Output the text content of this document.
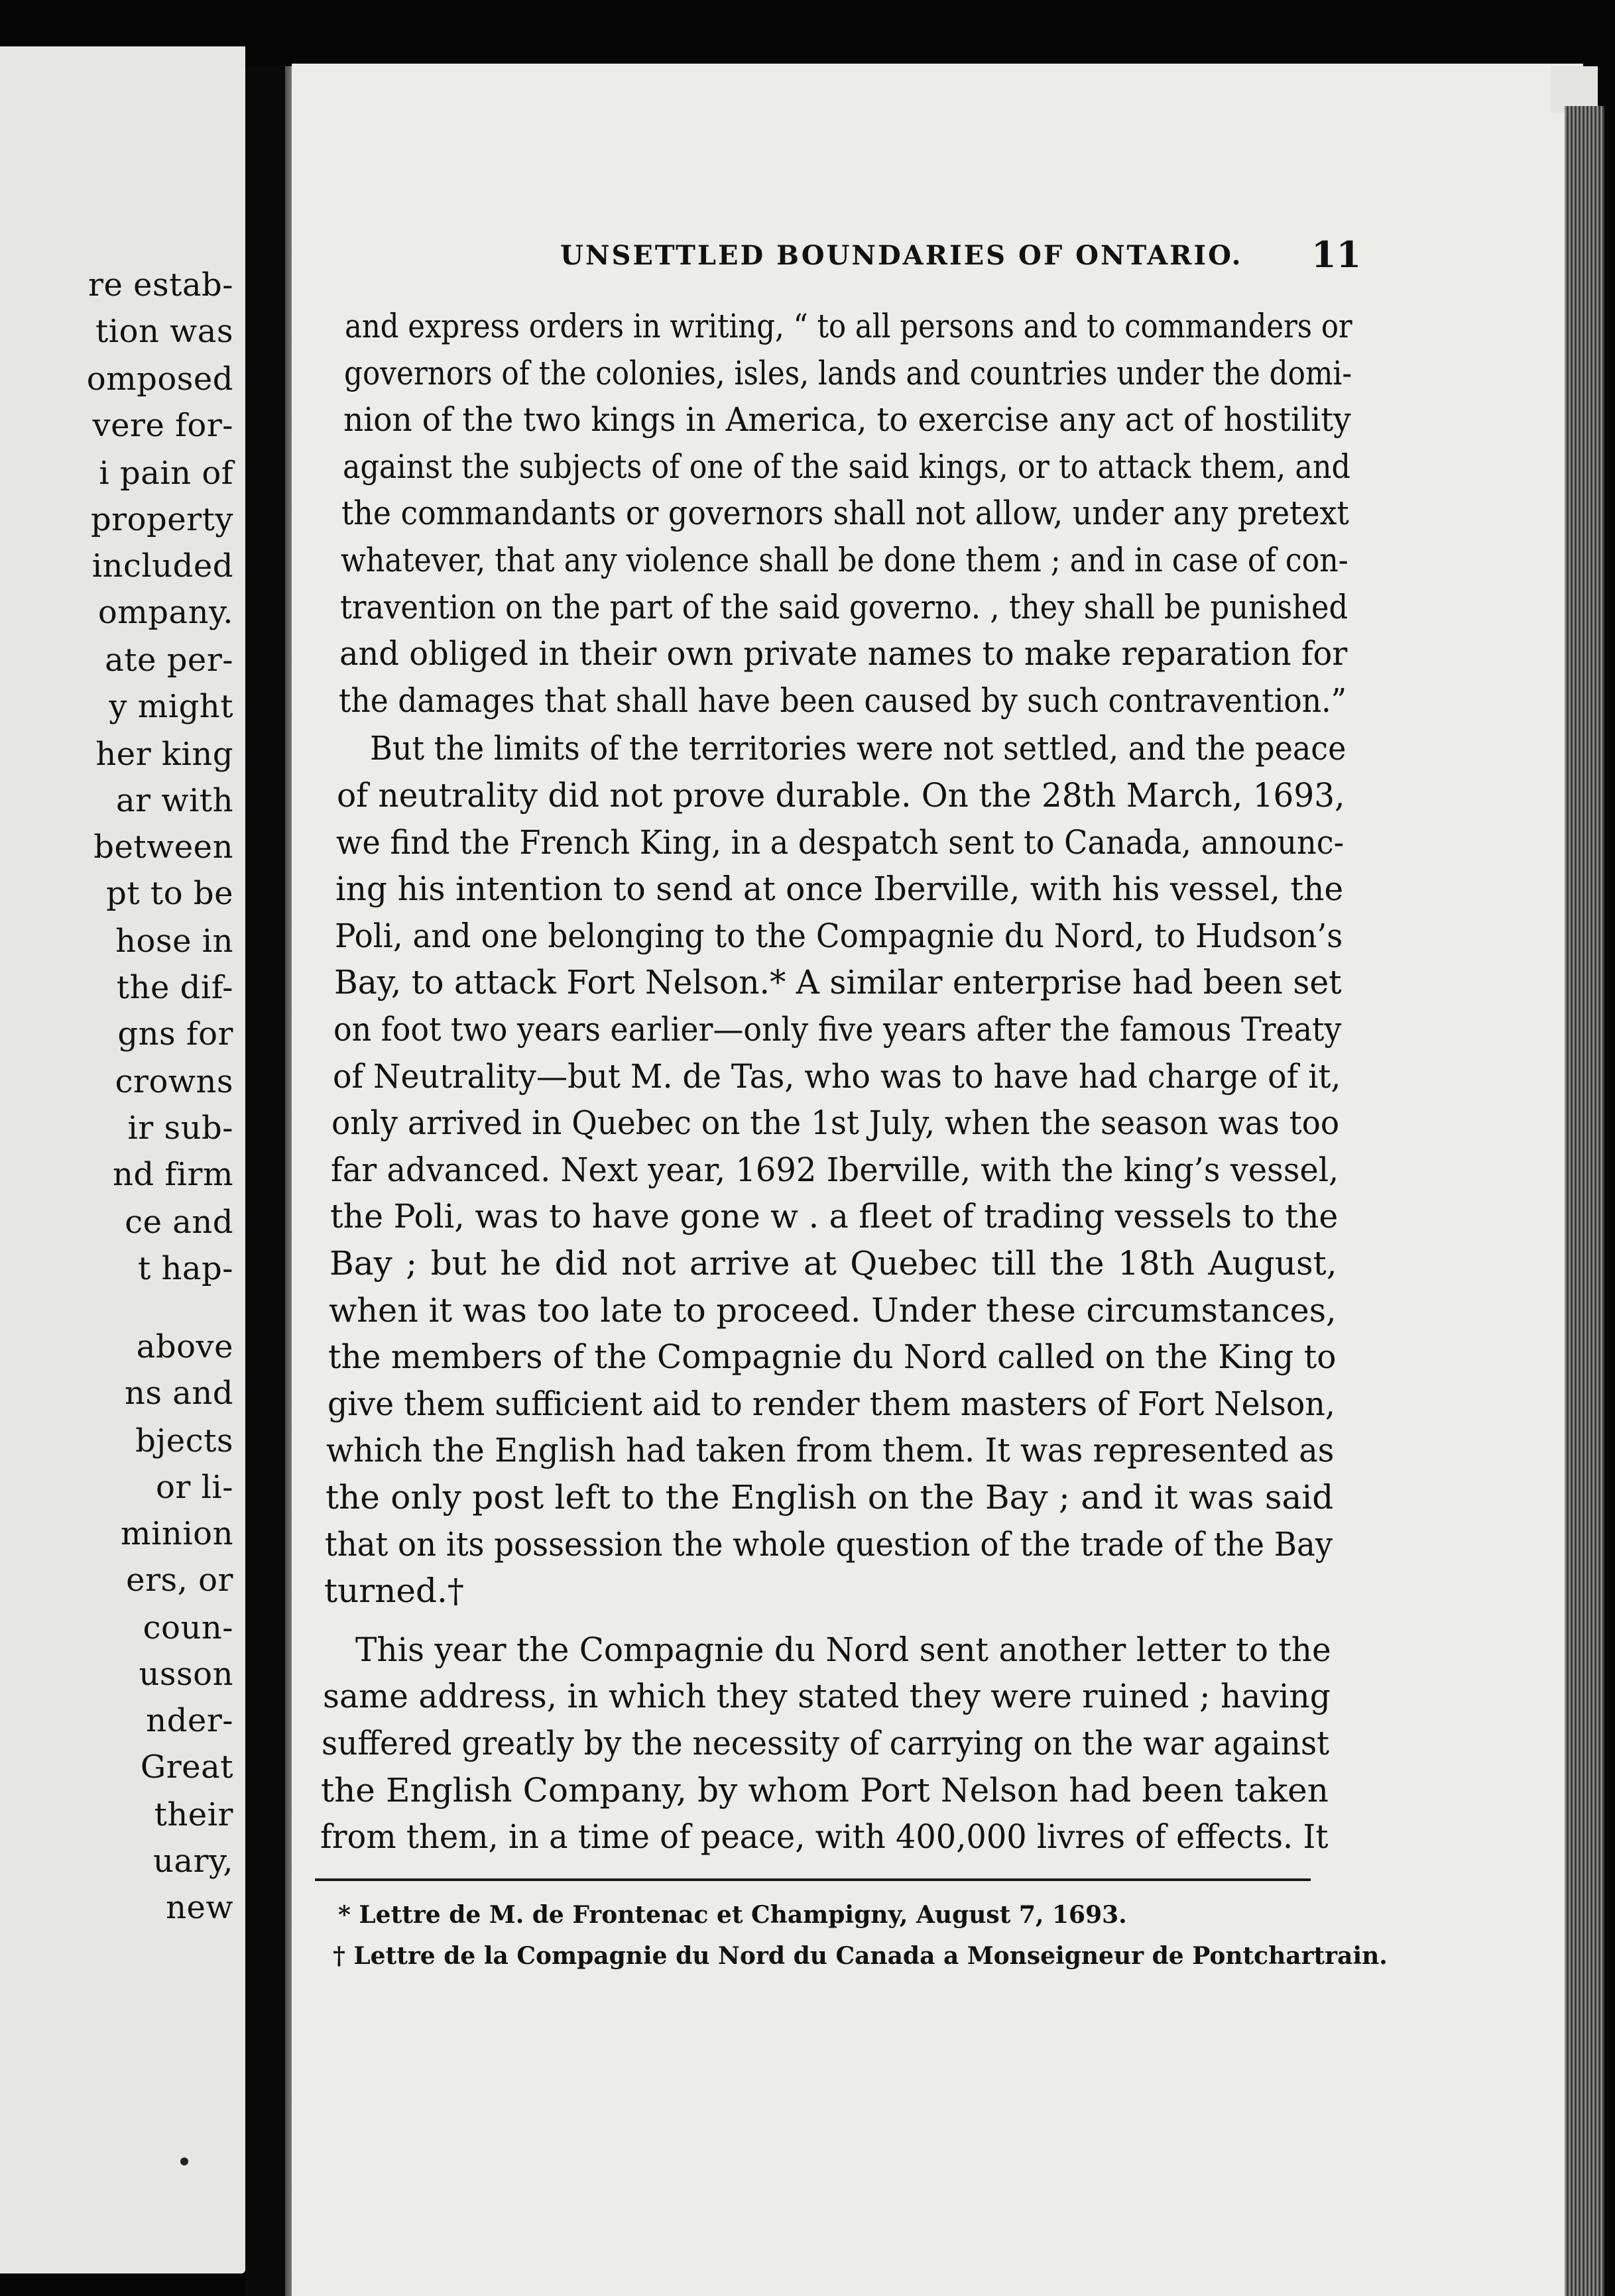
re estab-
tion was
omposed
vere for-
i pain of
property
included
ompany.
ate per-
y might
her king
ar with
between
pt to be
hose in
the dif-
gns for
crowns
ir sub-
nd firm
ce and
t hap-
above
ns and
bjects
or li-
minion
ers, or
coun-
usson
nder-
Great
their
uary,
new
UNSETTLED BOUNDARIES OF ONTARIO. 11
and express orders in writing, “ to all persons and to commanders or
governors of the colonies, isles, lands and countries under the domi-
nion of the two kings in America, to exercise any act of hostility
against the subjects of one of the said kings, or to attack them, and
the commandants or governors shall not allow, under any pretext
whatever, that any violence shall be done them ; and in case of con-
travention on the part of the said governo. , they shall be punished
and obliged in their own private names to make reparation for
the damages that shall have been caused by such contravention.”
But the limits of the territories were not settled, and the peace
of neutrality did not prove durable. On the 28th March, 1693,
we find the French King, in a despatch sent to Canada, announc-
ing his intention to send at once Iberville, with his vessel, the
Poli, and one belonging to the Compagnie du Nord, to Hudson’s
Bay, to attack Fort Nelson.* A similar enterprise had been set
on foot two years earlier—only five years after the famous Treaty
of Neutrality—but M. de Tas, who was to have had charge of it,
only arrived in Quebec on the 1st July, when the season was too
far advanced. Next year, 1692 Iberville, with the king’s vessel,
the Poli, was to have gone w . a fleet of trading vessels to the
Bay ; but he did not arrive at Quebec till the 18th August,
when it was too late to proceed. Under these circumstances,
the members of the Compagnie du Nord called on the King to
give them sufficient aid to render them masters of Fort Nelson,
which the English had taken from them. It was represented as
the only post left to the English on the Bay ; and it was said
that on its possession the whole question of the trade of the Bay
turned.†
This year the Compagnie du Nord sent another letter to the
same address, in which they stated they were ruined ; having
suffered greatly by the necessity of carrying on the war against
the English Company, by whom Port Nelson had been taken
from them, in a time of peace, with 400,000 livres of effects. It
* Lettre de M. de Frontenac et Champigny, August 7, 1693.
† Lettre de la Compagnie du Nord du Canada a Monseigneur de Pontchartrain.
